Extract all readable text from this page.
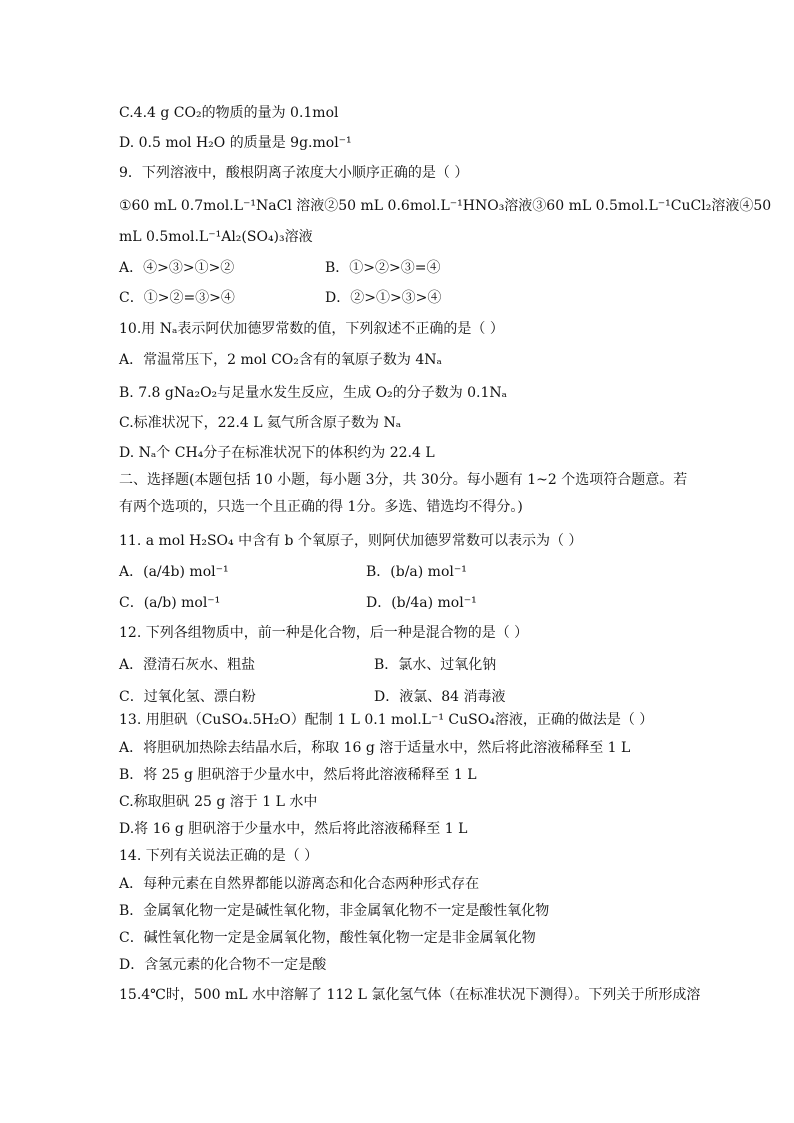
C.4.4 g CO₂的物质的量为 0.1mol
D. 0.5 mol H₂O 的质量是 9g.mol⁻¹
9．下列溶液中，酸根阴离子浓度大小顺序正确的是（ ）
①60 mL 0.7mol.L⁻¹NaCl 溶液②50 mL 0.6mol.L⁻¹HNO₃溶液③60 mL 0.5mol.L⁻¹CuCl₂溶液④50
mL 0.5mol.L⁻¹Al₂(SO₄)₃溶液
A．④>③>①>②	B．①>②>③=④
C．①>②=③>④	D．②>①>③>④
10.用 Nₐ表示阿伏加德罗常数的值，下列叙述不正确的是（ ）
A．常温常压下，2 mol CO₂含有的氧原子数为 4Nₐ
B. 7.8 gNa₂O₂与足量水发生反应，生成 O₂的分子数为 0.1Nₐ
C.标准状况下，22.4 L 氦气所含原子数为 Nₐ
D. Nₐ个 CH₄分子在标准状况下的体积约为 22.4 L
二、选择题(本题包括 10 小题，每小题 3分，共 30分。每小题有 1~2 个选项符合题意。若
有两个选项的，只选一个且正确的得 1分。多选、错选均不得分。)
11. a mol H₂SO₄ 中含有 b 个氧原子，则阿伏加德罗常数可以表示为（ ）
A．(a/4b) mol⁻¹	B．(b/a) mol⁻¹
C．(a/b) mol⁻¹	D．(b/4a) mol⁻¹
12. 下列各组物质中，前一种是化合物，后一种是混合物的是（ ）
A．澄清石灰水、粗盐	B．氯水、过氧化钠
C．过氧化氢、漂白粉	D．液氯、84 消毒液
13. 用胆矾（CuSO₄.5H₂O）配制 1 L 0.1 mol.L⁻¹ CuSO₄溶液，正确的做法是（ ）
A．将胆矾加热除去结晶水后，称取 16 g 溶于适量水中，然后将此溶液稀释至 1 L
B．将 25 g 胆矾溶于少量水中，然后将此溶液稀释至 1 L
C.称取胆矾 25 g 溶于 1 L 水中
D.将 16 g 胆矾溶于少量水中，然后将此溶液稀释至 1 L
14. 下列有关说法正确的是（ ）
A．每种元素在自然界都能以游离态和化合态两种形式存在
B．金属氧化物一定是碱性氧化物，非金属氧化物不一定是酸性氧化物
C．碱性氧化物一定是金属氧化物，酸性氧化物一定是非金属氧化物
D．含氢元素的化合物不一定是酸
15.4℃时，500 mL 水中溶解了 112 L 氯化氢气体（在标准状况下测得）。下列关于所形成溶
